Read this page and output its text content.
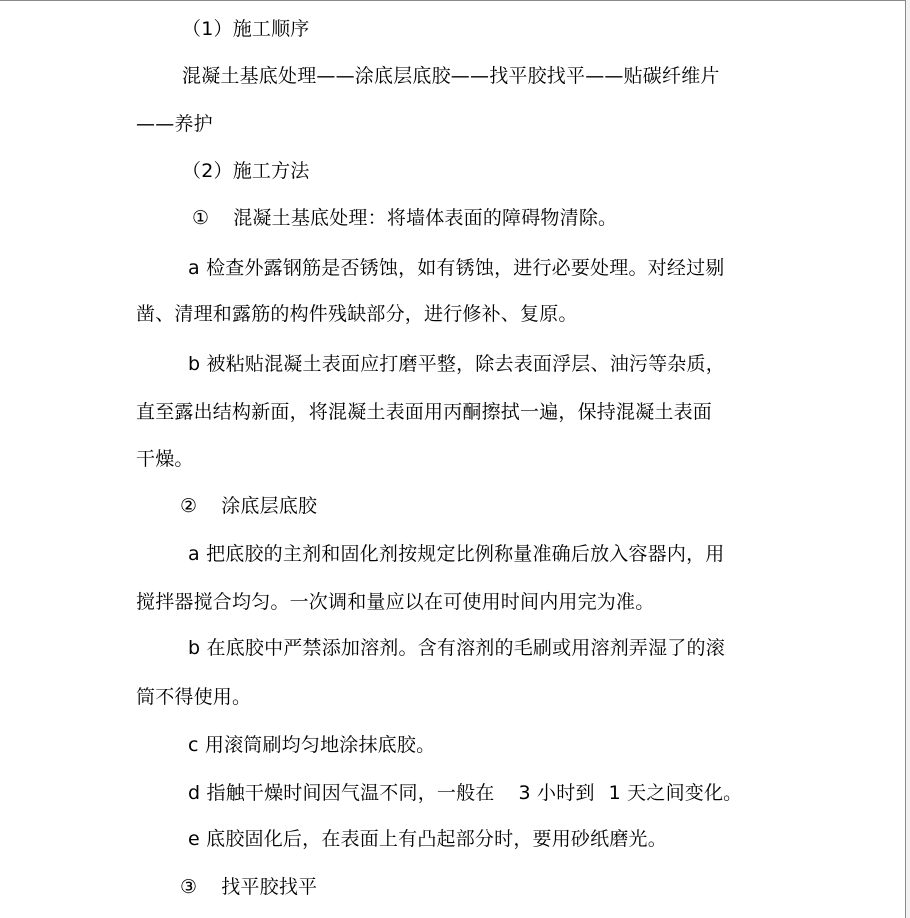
（1）施工顺序
混凝土基底处理——涂底层底胶——找平胶找平——贴碳纤维片
——养护
（2）施工方法
① 混凝土基底处理：将墙体表面的障碍物清除。
a 检查外露钢筋是否锈蚀，如有锈蚀，进行必要处理。对经过剔
凿、清理和露筋的构件残缺部分，进行修补、复原。
b 被粘贴混凝土表面应打磨平整，除去表面浮层、油污等杂质，
直至露出结构新面，将混凝土表面用丙酮擦拭一遍，保持混凝土表面
干燥。
② 涂底层底胶
a 把底胶的主剂和固化剂按规定比例称量准确后放入容器内，用
搅拌器搅合均匀。一次调和量应以在可使用时间内用完为准。
b 在底胶中严禁添加溶剂。含有溶剂的毛刷或用溶剂弄湿了的滚
筒不得使用。
c 用滚筒刷均匀地涂抹底胶。
d 指触干燥时间因气温不同，一般在 3 小时到 1 天之间变化。
e 底胶固化后，在表面上有凸起部分时，要用砂纸磨光。
③ 找平胶找平
